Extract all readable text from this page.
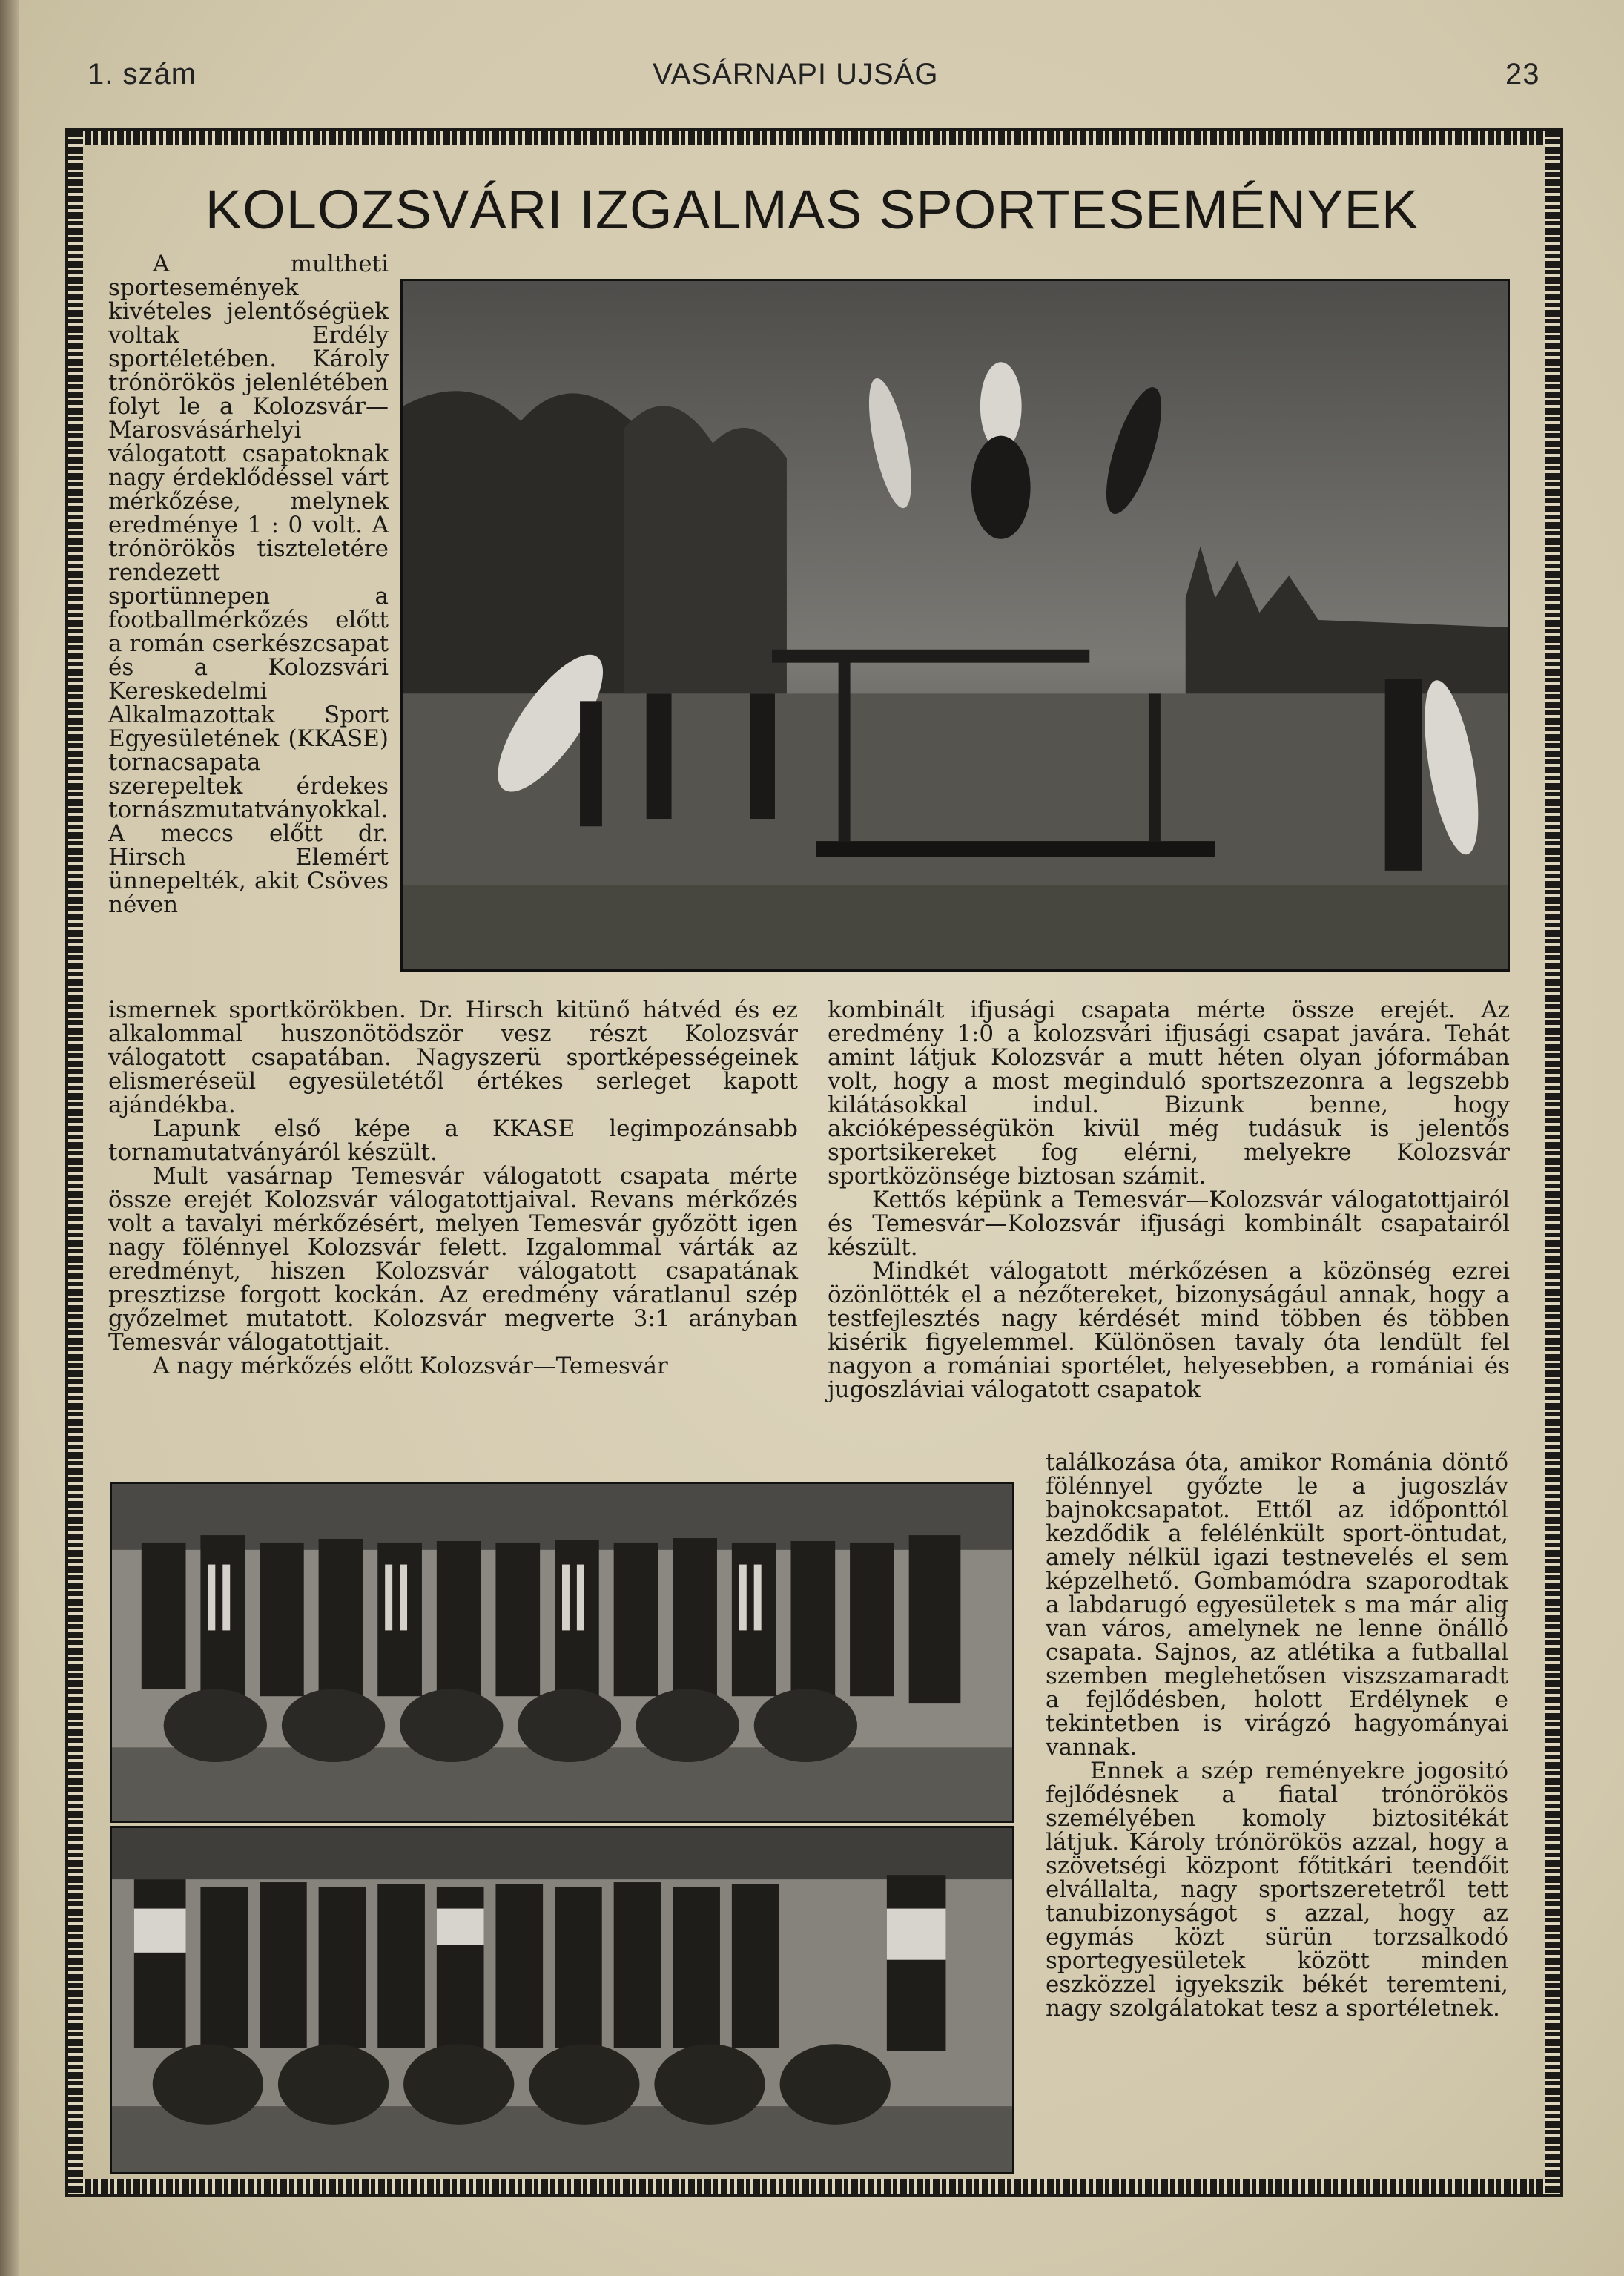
1. szám	VASÁRNAPI UJSÁG	23
KOLOZSVÁRI IZGALMAS SPORTESEMÉNYEK

A multheti sportesemények kivételes jelentőségüek voltak Erdély sportéletében. Károly trónörökös jelenlétében folyt le a Kolozsvár—Marosvásárhelyi válogatott csapatoknak nagy érdeklődéssel várt mérkőzése, melynek eredménye 1 : 0 volt. A trónörökös tiszteletére rendezett sportünnepen a footballmérkőzés előtt a román cserkészcsapat és a Kolozsvári Kereskedelmi Alkalmazottak Sport Egyesületének (KKASE) tornacsapata szerepeltek érdekes tornászmutatványokkal. A meccs előtt dr. Hirsch Elemért ünnepelték, akit Csöves néven

ismernek sportkörökben. Dr. Hirsch kitünő hátvéd és ez alkalommal huszonötödször vesz részt Kolozsvár válogatott csapatában. Nagyszerü sportképességeinek elismeréseül egyesületétől értékes serleget kapott ajándékba.

Lapunk első képe a KKASE legimpozánsabb tornamutatványáról készült.

Mult vasárnap Temesvár válogatott csapata mérte össze erejét Kolozsvár válogatottjaival. Revans mérkőzés volt a tavalyi mérkőzésért, melyen Temesvár győzött igen nagy fölénnyel Kolozsvár felett. Izgalommal várták az eredményt, hiszen Kolozsvár válogatott csapatának presztizse forgott kockán. Az eredmény váratlanul szép győzelmet mutatott. Kolozsvár megverte 3:1 arányban Temesvár válogatottjait.

A nagy mérkőzés előtt Kolozsvár—Temesvár

kombinált ifjusági csapata mérte össze erejét. Az eredmény 1:0 a kolozsvári ifjusági csapat javára. Tehát amint látjuk Kolozsvár a mutt héten olyan jóformában volt, hogy a most meginduló sportszezonra a legszebb kilátásokkal indul. Bizunk benne, hogy akcióképességükön kivül még tudásuk is jelentős sportsikereket fog elérni, melyekre Kolozsvár sportközönsége biztosan számit.

Kettős képünk a Temesvár—Kolozsvár válogatottjairól és Temesvár—Kolozsvár ifjusági kombinált csapatairól készült.

Mindkét válogatott mérkőzésen a közönség ezrei özönlötték el a nézőtereket, bizonyságául annak, hogy a testfejlesztés nagy kérdését mind többen és többen kisérik figyelemmel. Különösen tavaly óta lendült fel nagyon a romániai sportélet, helyesebben, a romániai és jugoszláviai válogatott csapatok

találkozása óta, amikor Románia döntő fölénnyel győzte le a jugoszláv bajnokcsapatot. Ettől az időponttól kezdődik a felélénkült sport-öntudat, amely nélkül igazi testnevelés el sem képzelhető. Gombamódra szaporodtak a labdarugó egyesületek s ma már alig van város, amelynek ne lenne önálló csapata. Sajnos, az atlétika a futballal szemben meglehetősen viszszamaradt a fejlődésben, holott Erdélynek e tekintetben is virágzó hagyományai vannak.

Ennek a szép reményekre jogositó fejlődésnek a fiatal trónörökös személyében komoly biztositékát látjuk. Károly trónörökös azzal, hogy a szövetségi központ főtitkári teendőit elvállalta, nagy sportszeretetről tett tanubizonyságot s azzal, hogy az egymás közt sürün torzsalkodó sportegyesületek között minden eszközzel igyekszik békét teremteni, nagy szolgálatokat tesz a sportéletnek.
